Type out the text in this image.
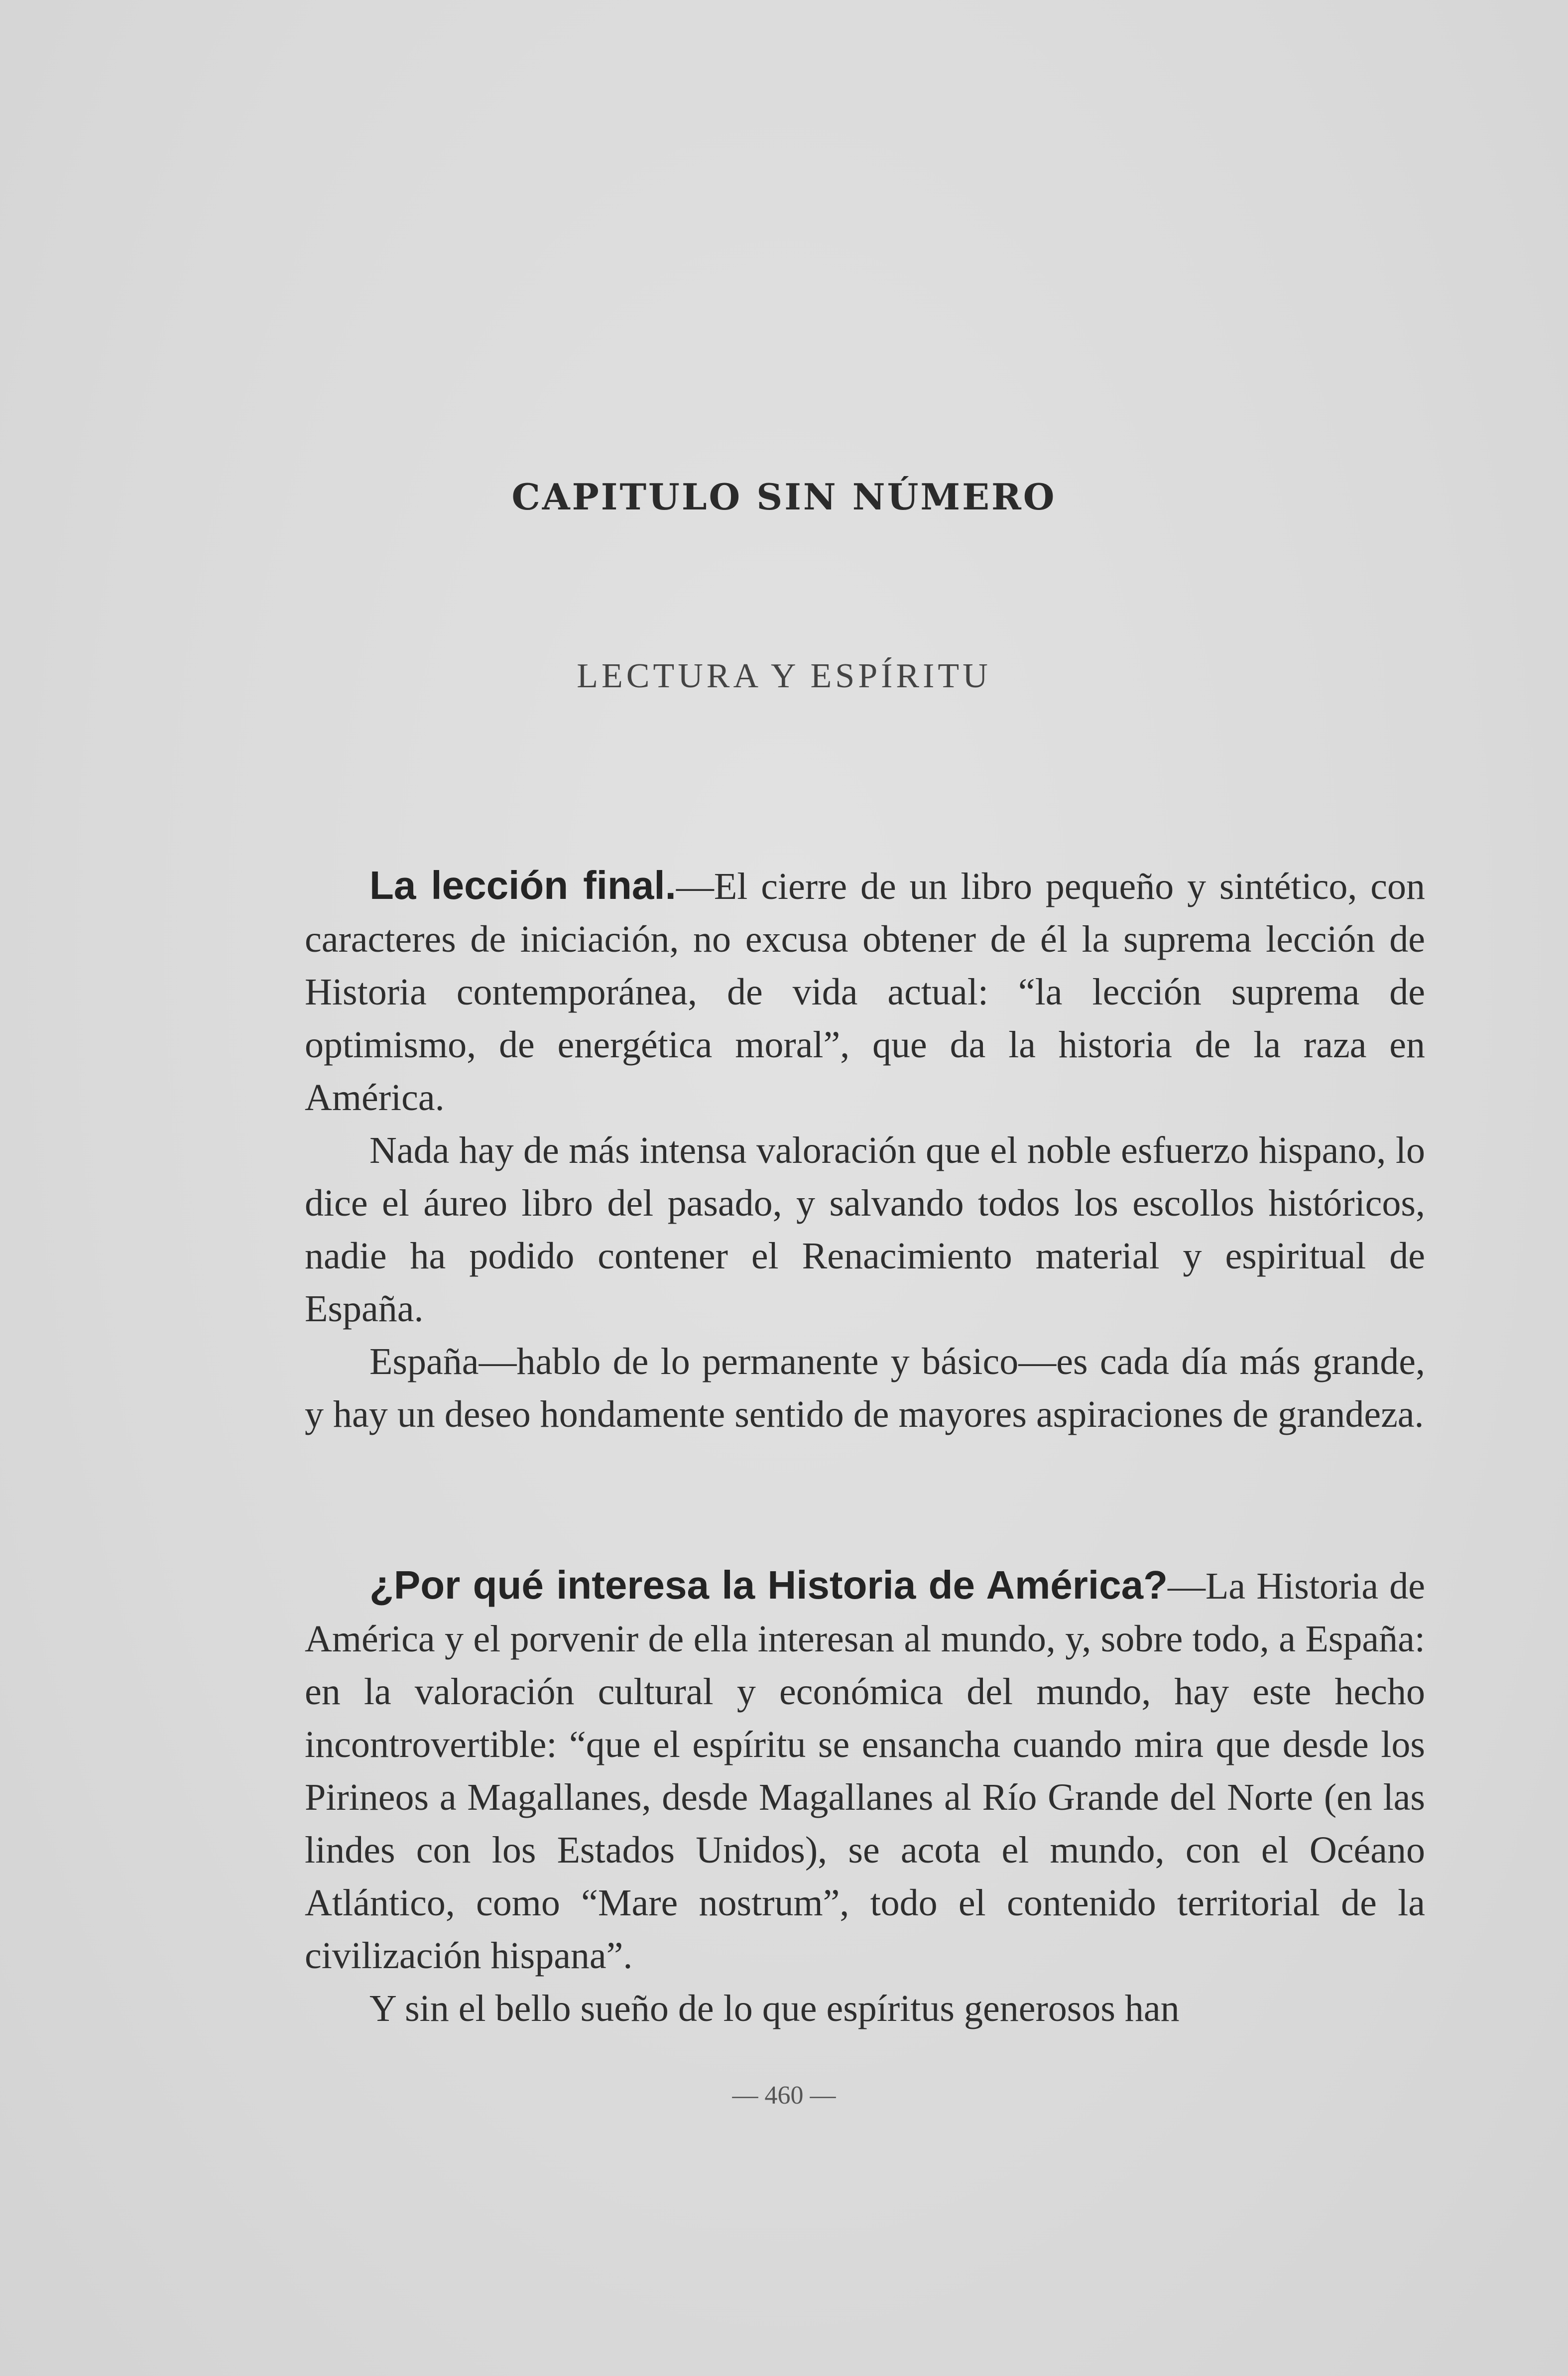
CAPITULO SIN NÚMERO
LECTURA Y ESPÍRITU

La lección final.—El cierre de un libro pequeño y sintético, con caracteres de iniciación, no excusa obtener de él la suprema lección de Historia contemporánea, de vida actual: “la lección suprema de optimismo, de energética moral”, que da la historia de la raza en América.

Nada hay de más intensa valoración que el noble esfuerzo hispano, lo dice el áureo libro del pasado, y salvando todos los escollos históricos, nadie ha podido contener el Renacimiento material y espiritual de España.

España—hablo de lo permanente y básico—es cada día más grande, y hay un deseo hondamente sentido de mayores aspiraciones de grandeza.

¿Por qué interesa la Historia de América?—La Historia de América y el porvenir de ella interesan al mundo, y, sobre todo, a España: en la valoración cultural y económica del mundo, hay este hecho incontrovertible: “que el espíritu se ensancha cuando mira que desde los Pirineos a Magallanes, desde Magallanes al Río Grande del Norte (en las lindes con los Estados Unidos), se acota el mundo, con el Océano Atlántico, como “Mare nostrum”, todo el contenido territorial de la civilización hispana”.

Y sin el bello sueño de lo que espíritus generosos han

— 460 —
